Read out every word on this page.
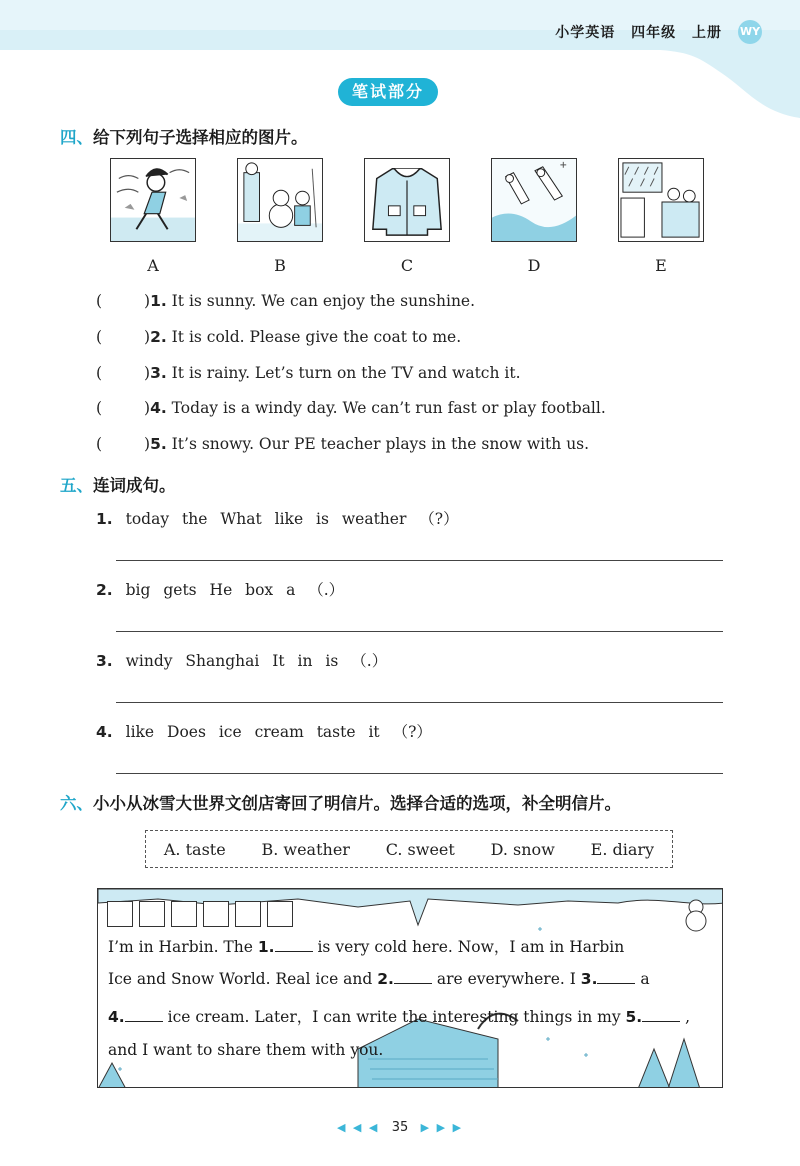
小学英语 四年级 上册 WY
笔试部分
四、给下列句子选择相应的图片。
A	B	C	D	E
(	)1. It is sunny. We can enjoy the sunshine.
(	)2. It is cold. Please give the coat to me.
(	)3. It is rainy. Let’s turn on the TV and watch it.
(	)4. Today is a windy day. We can’t run fast or play football.
(	)5. It’s snowy. Our PE teacher plays in the snow with us.
五、连词成句。
1. today the What like is weather （?）
2. big gets He box a （.）
3. windy Shanghai It in is （.）
4. like Does ice cream taste it （?）
六、小小从冰雪大世界文创店寄回了明信片。选择合适的选项，补全明信片。
A. taste B. weather C. sweet D. snow E. diary
I’m in Harbin. The 1. is very cold here. Now，I am in Harbin
Ice and Snow World. Real ice and 2. are everywhere. I 3. a
4. ice cream. Later，I can write the interesting things in my 5. ,
and I want to share them with you.
◀ ◀ ◀ 35 ▶ ▶ ▶
